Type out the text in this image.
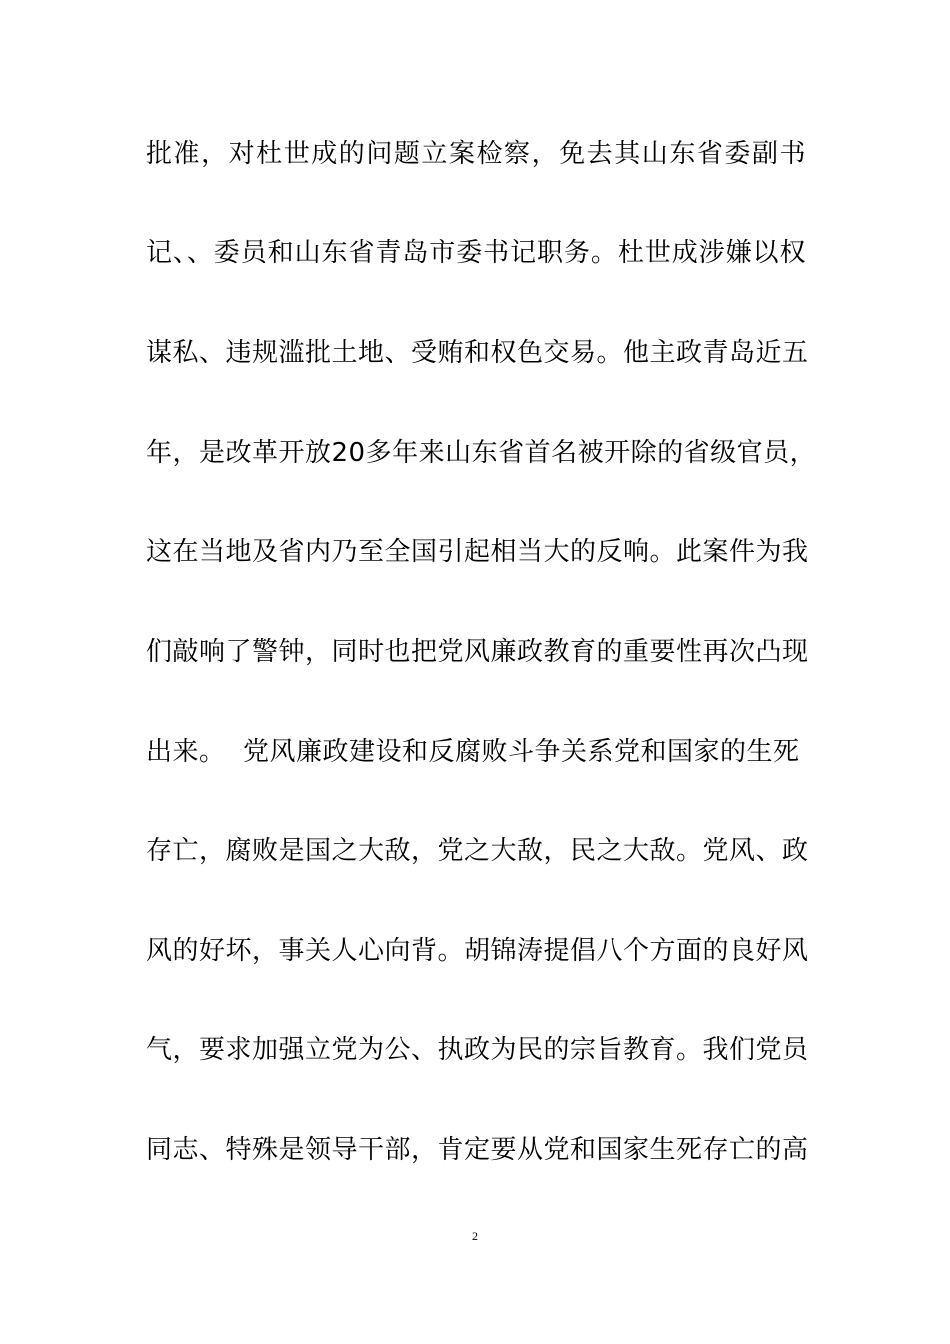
批准，对杜世成的问题立案检察，免去其山东省委副书
记、、委员和山东省青岛市委书记职务。杜世成涉嫌以权
谋私、违规滥批土地、受贿和权色交易。他主政青岛近五
年，是改革开放20多年来山东省首名被开除的省级官员，
这在当地及省内乃至全国引起相当大的反响。此案件为我
们敲响了警钟，同时也把党风廉政教育的重要性再次凸现
出来。  党风廉政建设和反腐败斗争关系党和国家的生死
存亡，腐败是国之大敌，党之大敌，民之大敌。党风、政
风的好坏，事关人心向背。胡锦涛提倡八个方面的良好风
气，要求加强立党为公、执政为民的宗旨教育。我们党员
同志、特殊是领导干部，肯定要从党和国家生死存亡的高
2
